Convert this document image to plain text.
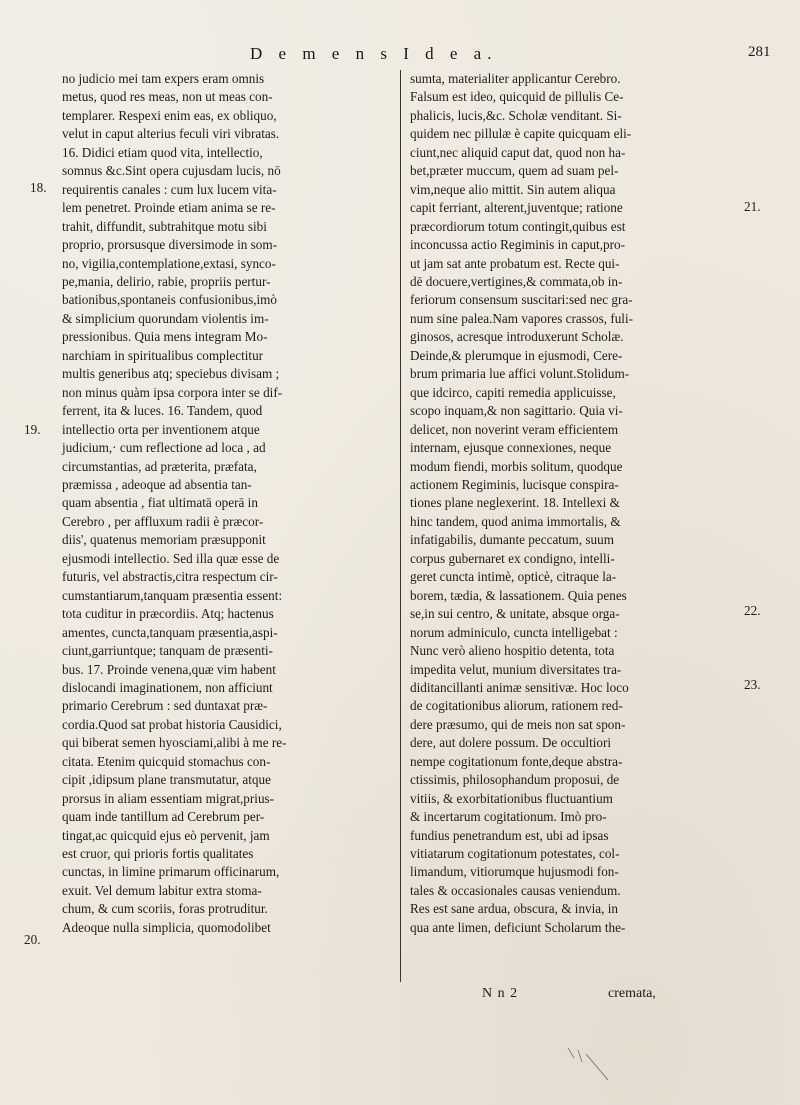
D e m e n s I d e a.	281
no judicio mei tam expers eram omnis
metus, quod res meas, non ut meas con-
templarer. Respexi enim eas, ex obliquo,
velut in caput alterius feculi viri vibratas.
16. Didici etiam quod vita, intellectio,
somnus &c.Sint opera cujusdam lucis, nō
requirentis canales : cum lux lucem vita-
lem penetret. Proinde etiam anima se re-
trahit, diffundit, subtrahitque motu sibi
proprio, prorsusque diversimode in som-
no, vigilia,contemplatione,extasi, synco-
pe,mania, delirio, rabie, propriis pertur-
bationibus,spontaneis confusionibus,imò
& simplicium quorundam violentis im-
pressionibus. Quia mens integram Mo-
narchiam in spiritualibus complectitur
multis generibus atq; speciebus divisam ;
non minus quàm ipsa corpora inter se dif-
ferrent, ita & luces. 16. Tandem, quod
intellectio orta per inventionem atque
judicium,· cum reflectione ad loca , ad
circumstantias, ad præterita, præfata,
præmissa , adeoque ad absentia tan-
quam absentia , fiat ultimatā operā in
Cerebro , per affluxum radii è præcor-
diis', quatenus memoriam præsupponit
ejusmodi intellectio. Sed illa quæ esse de
futuris, vel abstractis,citra respectum cir-
cumstantiarum,tanquam præsentia essent:
tota cuditur in præcordiis. Atq; hactenus
amentes, cuncta,tanquam præsentia,aspi-
ciunt,garriuntque; tanquam de præsenti-
bus. 17. Proinde venena,quæ vim habent
dislocandi imaginationem, non afficiunt
primario Cerebrum : sed duntaxat præ-
cordia.Quod sat probat historia Causidici,
qui biberat semen hyosciami,alibi à me re-
citata. Etenim quicquid stomachus con-
cipit ,idipsum plane transmutatur, atque
prorsus in aliam essentiam migrat,prius-
quam inde tantillum ad Cerebrum per-
tingat,ac quicquid ejus eò pervenit, jam
est cruor, qui prioris fortis qualitates
cunctas, in limine primarum officinarum,
exuit. Vel demum labitur extra stoma-
chum, & cum scoriis, foras protruditur.
Adeoque nulla simplicia, quomodolibet
sumta, materialiter applicantur Cerebro.
Falsum est ideo, quicquid de pillulis Ce-
phalicis, lucis,&c. Scholæ venditant. Si-
quidem nec pillulæ è capite quicquam eli-
ciunt,nec aliquid caput dat, quod non ha-
bet,præter muccum, quem ad suam pel-
vim,neque alio mittit. Sin autem aliqua
capit ferriant, alterent,juventque; ratione
præcordiorum totum contingit,quibus est
inconcussa actio Regiminis in caput,pro-
ut jam sat ante probatum est. Recte qui-
dē docuere,vertigines,& commata,ob in-
feriorum consensum suscitari:sed nec gra-
num sine palea.Nam vapores crassos, fuli-
ginosos, acresque introduxerunt Scholæ.
Deinde,& plerumque in ejusmodi, Cere-
brum primaria lue affici volunt.Stolidum-
que idcirco, capiti remedia applicuisse,
scopo inquam,& non sagittario. Quia vi-
delicet, non noverint veram efficientem
internam, ejusque connexiones, neque
modum fiendi, morbis solitum, quodque
actionem Regiminis, lucisque conspira-
tiones plane neglexerint. 18. Intellexi &
hinc tandem, quod anima immortalis, &
infatigabilis, dumante peccatum, suum
corpus gubernaret ex condigno, intelli-
geret cuncta intimè, opticè, citraque la-
borem, tædia, & lassationem. Quia penes
se,in sui centro, & unitate, absque orga-
norum adminiculo, cuncta intelligebat :
Nunc verò alieno hospitio detenta, tota
impedita velut, munium diversitates tra-
diditancillanti animæ sensitivæ. Hoc loco
de cogitationibus aliorum, rationem red-
dere præsumo, qui de meis non sat spon-
dere, aut dolere possum. De occultiori
nempe cogitationum fonte,deque abstra-
ctissimis, philosophandum proposui, de
vitiis, & exorbitationibus fluctuantium
& incertarum cogitationum. Imò pro-
fundius penetrandum est, ubi ad ipsas
vitiatarum cogitationum potestates, col-
limandum, vitiorumque hujusmodi fon-
tales & occasionales causas veniendum.
Res est sane ardua, obscura, & invia, in
qua ante limen, deficiunt Scholarum the-
18.
19.
20.
21.
22.
23.
N n 2	cremata,
